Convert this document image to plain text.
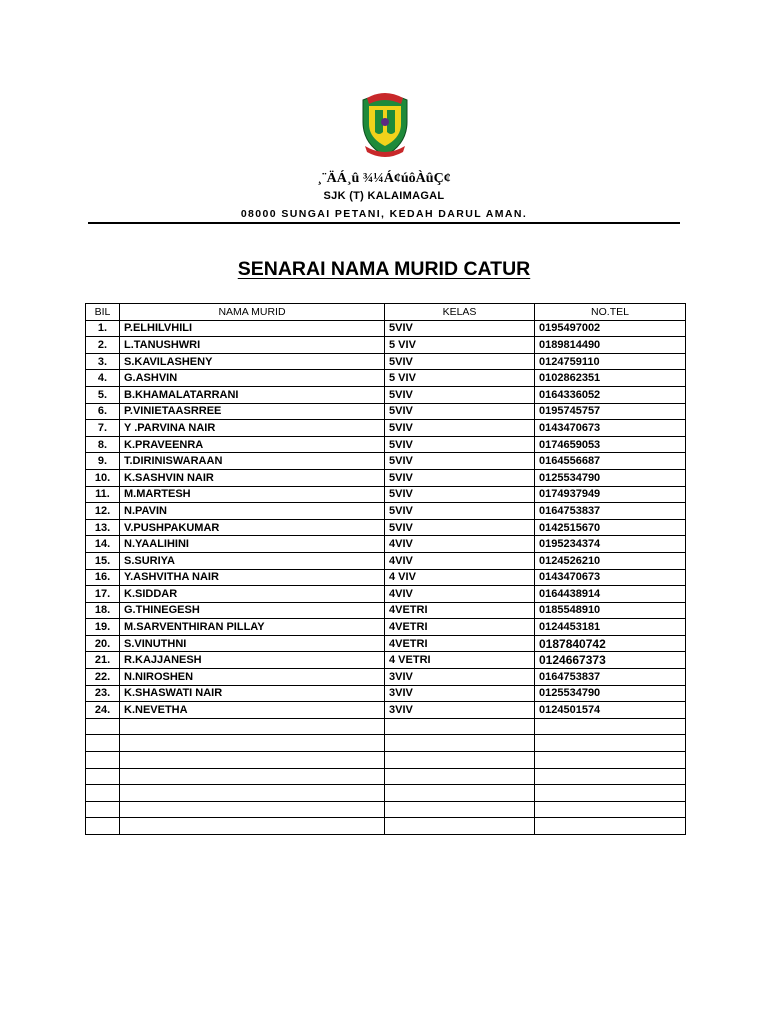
¸¨ÄÁ¸û ¾¼Á¢úôÀûÇ¢
SJK (T) KALAIMAGAL
08000 SUNGAI PETANI, KEDAH DARUL AMAN.
SENARAI NAMA MURID CATUR
BIL	NAMA MURID	KELAS	NO.TEL
1.	P.ELHILVHILI	5VIV	0195497002
2.	L.TANUSHWRI	5 VIV	0189814490
3.	S.KAVILASHENY	5VIV	0124759110
4.	G.ASHVIN	5 VIV	0102862351
5.	B.KHAMALATARRANI	5VIV	0164336052
6.	P.VINIETAASRREE	5VIV	0195745757
7.	Y .PARVINA NAIR	5VIV	0143470673
8.	K.PRAVEENRA	5VIV	0174659053
9.	T.DIRINISWARAAN	5VIV	0164556687
10.	K.SASHVIN NAIR	5VIV	0125534790
11.	M.MARTESH	5VIV	0174937949
12.	N.PAVIN	5VIV	0164753837
13.	V.PUSHPAKUMAR	5VIV	0142515670
14.	N.YAALIHINI	4VIV	0195234374
15.	S.SURIYA	4VIV	0124526210
16.	Y.ASHVITHA NAIR	4 VIV	0143470673
17.	K.SIDDAR	4VIV	0164438914
18.	G.THINEGESH	4VETRI	0185548910
19.	M.SARVENTHIRAN PILLAY	4VETRI	0124453181
20.	S.VINUTHNI	4VETRI	0187840742
21.	R.KAJJANESH	4 VETRI	0124667373
22.	N.NIROSHEN	3VIV	0164753837
23.	K.SHASWATI NAIR	3VIV	0125534790
24.	K.NEVETHA	3VIV	0124501574
